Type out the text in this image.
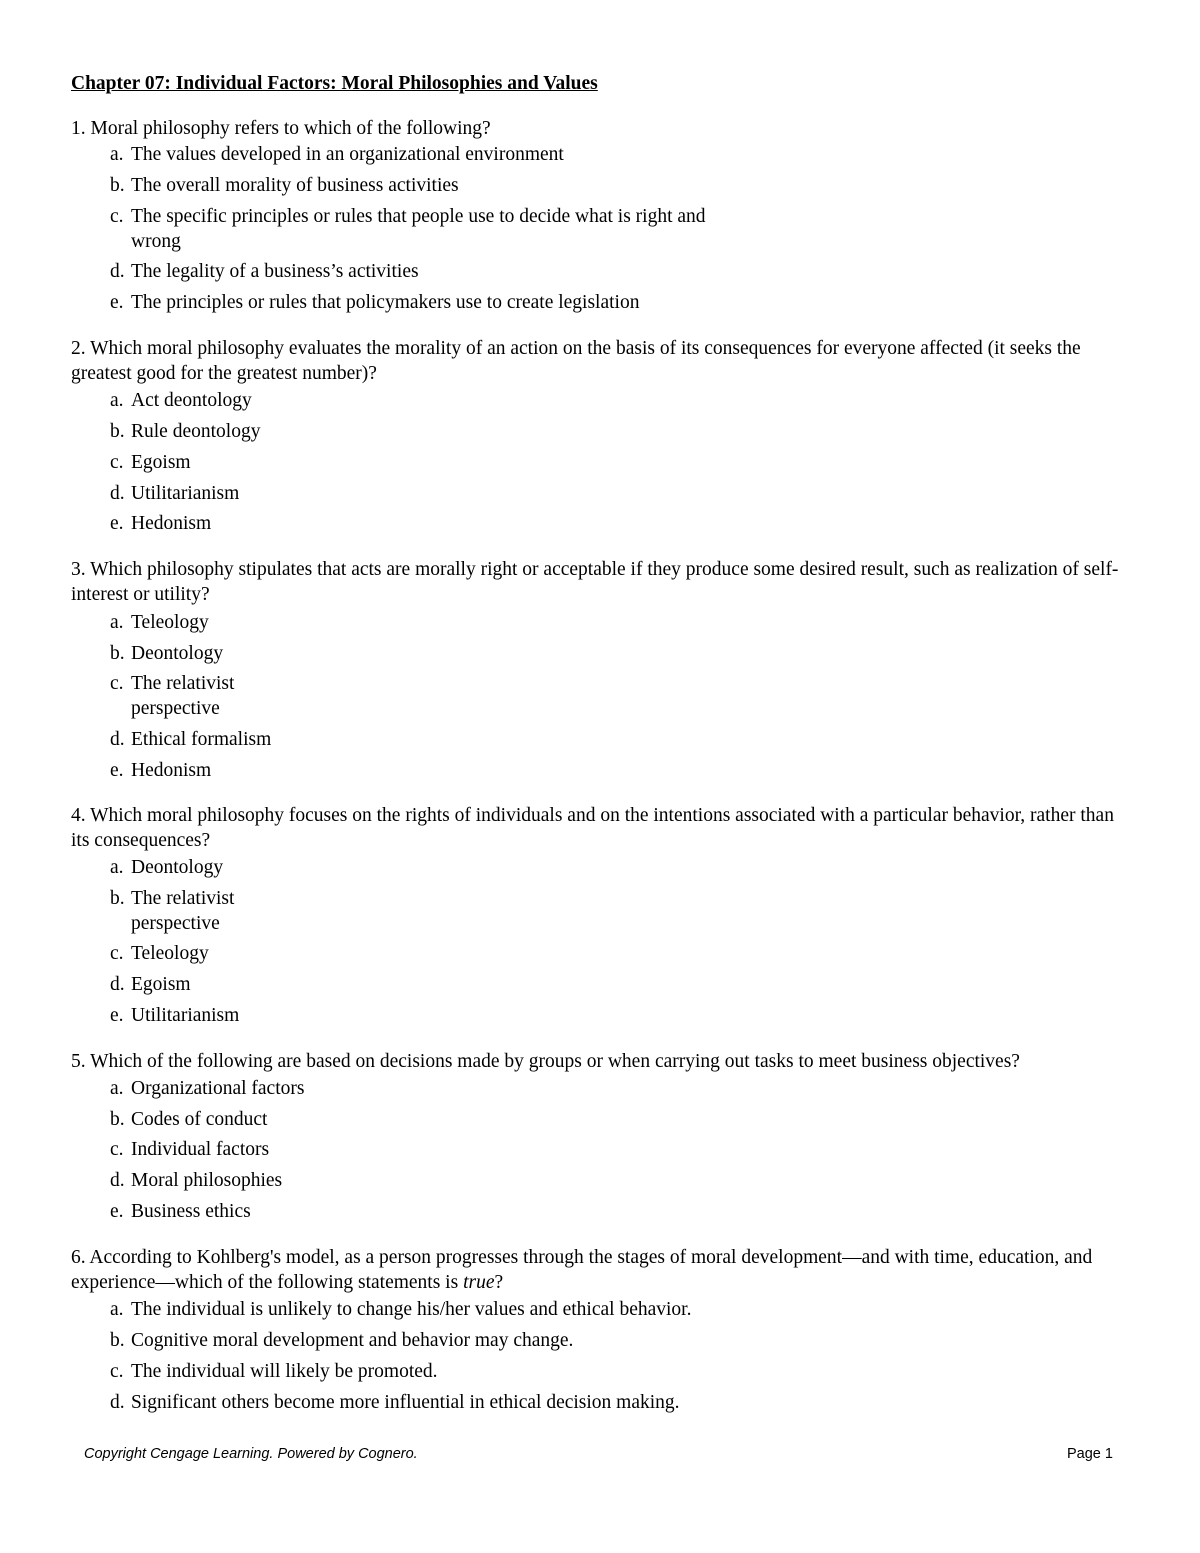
Chapter 07: Individual Factors: Moral Philosophies and Values
1. Moral philosophy refers to which of the following?
a. The values developed in an organizational environment
b. The overall morality of business activities
c. The specific principles or rules that people use to decide what is right and
wrong
d. The legality of a business’s activities
e. The principles or rules that policymakers use to create legislation
2. Which moral philosophy evaluates the morality of an action on the basis of its consequences for everyone affected (it seeks the greatest good for the greatest number)?
a. Act deontology
b. Rule deontology
c. Egoism
d. Utilitarianism
e. Hedonism
3. Which philosophy stipulates that acts are morally right or acceptable if they produce some desired result, such as realization of self-interest or utility?
a. Teleology
b. Deontology
c. The relativist
perspective
d. Ethical formalism
e. Hedonism
4. Which moral philosophy focuses on the rights of individuals and on the intentions associated with a particular behavior, rather than its consequences?
a. Deontology
b. The relativist
perspective
c. Teleology
d. Egoism
e. Utilitarianism
5. Which of the following are based on decisions made by groups or when carrying out tasks to meet business objectives?
a. Organizational factors
b. Codes of conduct
c. Individual factors
d. Moral philosophies
e. Business ethics
6. According to Kohlberg's model, as a person progresses through the stages of moral development—and with time, education, and experience—which of the following statements is true?
a. The individual is unlikely to change his/her values and ethical behavior.
b. Cognitive moral development and behavior may change.
c. The individual will likely be promoted.
d. Significant others become more influential in ethical decision making.
Copyright Cengage Learning. Powered by Cognero.	Page 1
